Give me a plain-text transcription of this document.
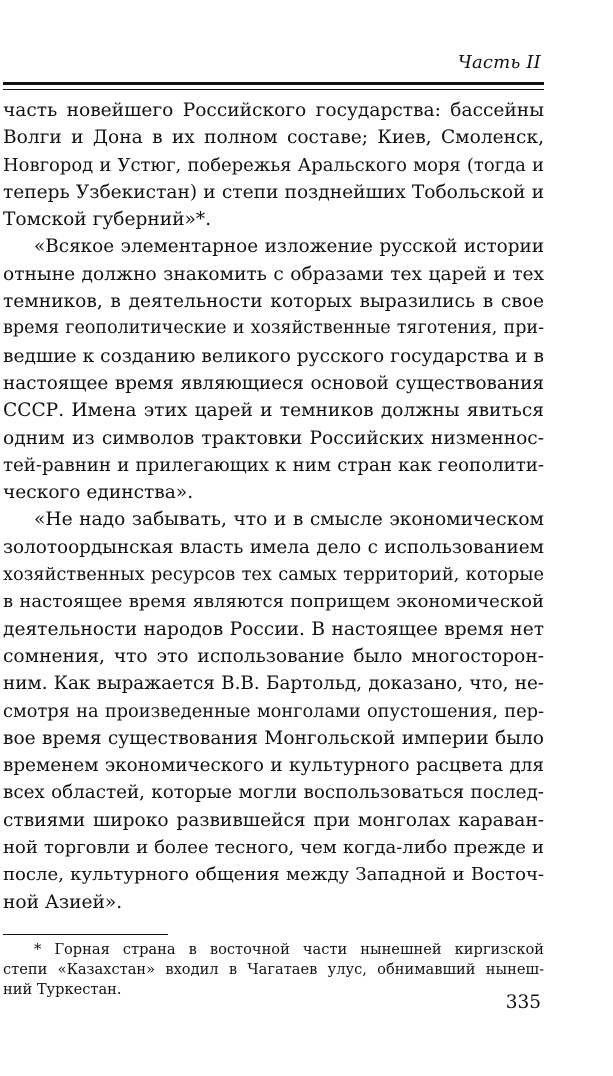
Часть II
часть новейшего Российского государства: бассейны
Волги и Дона в их полном составе; Киев, Смоленск,
Новгород и Устюг, побережья Аральского моря (тогда и
теперь Узбекистан) и степи позднейших Тобольской и
Томской губерний»*.
«Всякое элементарное изложение русской истории
отныне должно знакомить с образами тех царей и тех
темников, в деятельности которых выразились в свое
время геополитические и хозяйственные тяготения, при-
ведшие к созданию великого русского государства и в
настоящее время являющиеся основой существования
СССР. Имена этих царей и темников должны явиться
одним из символов трактовки Российских низменнос-
тей-равнин и прилегающих к ним стран как геополити-
ческого единства».
«Не надо забывать, что и в смысле экономическом
золотоордынская власть имела дело с использованием
хозяйственных ресурсов тех самых территорий, которые
в настоящее время являются поприщем экономической
деятельности народов России. В настоящее время нет
сомнения, что это использование было многосторон-
ним. Как выражается В.В. Бартольд, доказано, что, не-
смотря на произведенные монголами опустошения, пер-
вое время существования Монгольской империи было
временем экономического и культурного расцвета для
всех областей, которые могли воспользоваться послед-
ствиями широко развившейся при монголах караван-
ной торговли и более тесного, чем когда-либо прежде и
после, культурного общения между Западной и Восточ-
ной Азией».
* Горная страна в восточной части нынешней киргизской
степи «Казахстан» входил в Чагатаев улус, обнимавший нынеш-
ний Туркестан.
335
